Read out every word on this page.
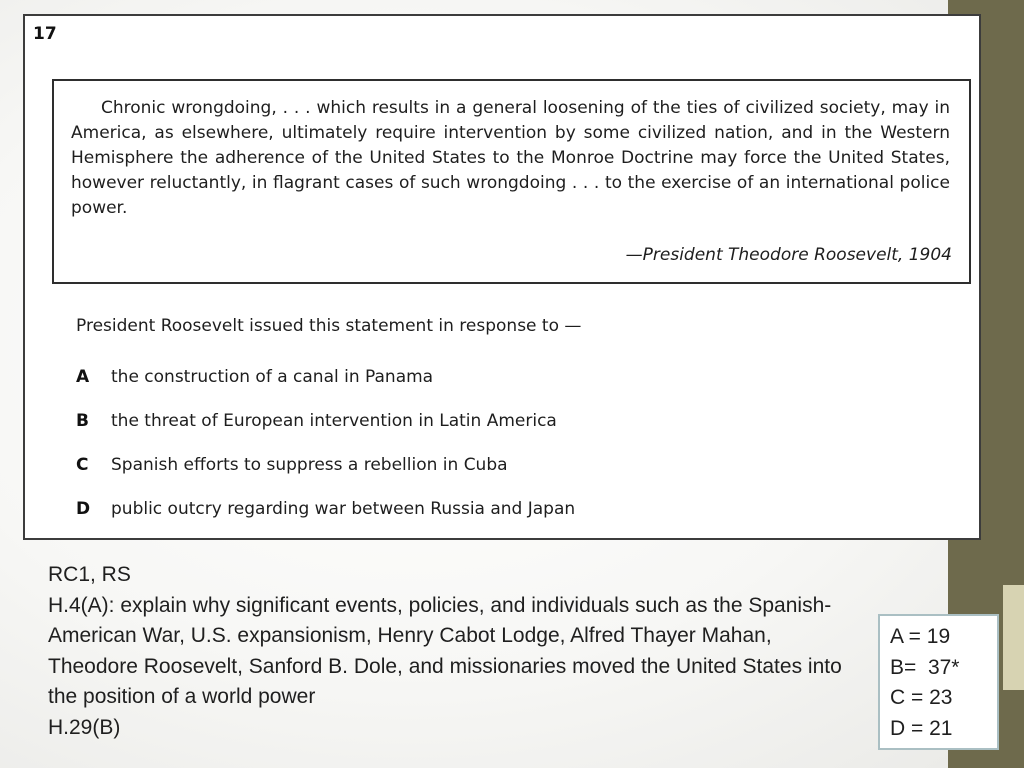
17

Chronic wrongdoing, . . . which results in a general loosening of the ties of civilized society, may in America, as elsewhere, ultimately require intervention by some civilized nation, and in the Western Hemisphere the adherence of the United States to the Monroe Doctrine may force the United States, however reluctantly, in flagrant cases of such wrongdoing . . . to the exercise of an international police power.

—President Theodore Roosevelt, 1904
President Roosevelt issued this statement in response to —
A the construction of a canal in Panama
B the threat of European intervention in Latin America
C Spanish efforts to suppress a rebellion in Cuba
D public outcry regarding war between Russia and Japan
RC1, RS
H.4(A): explain why significant events, policies, and individuals such as the Spanish-American War, U.S. expansionism, Henry Cabot Lodge, Alfred Thayer Mahan, Theodore Roosevelt, Sanford B. Dole, and missionaries moved the United States into the position of a world power
H.29(B)
A = 19
B=  37*
C = 23
D = 21
